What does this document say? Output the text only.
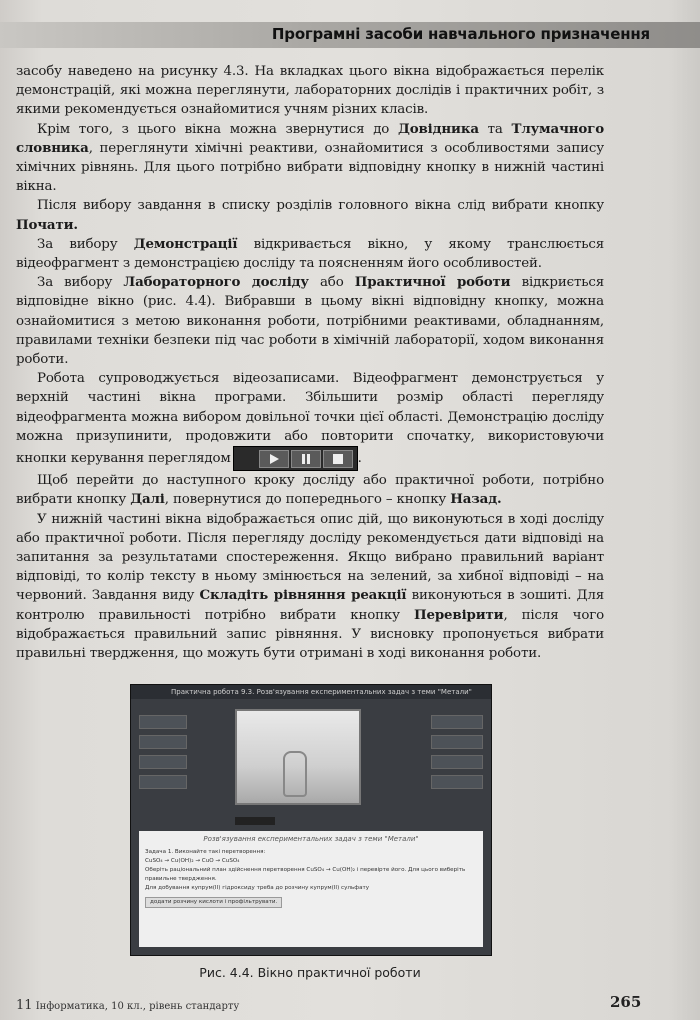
Програмні засоби навчального призначення

засобу наведено на рисунку 4.3. На вкладках цього вікна відображається перелік демонстрацій, які можна переглянути, лабораторних дослідів і практичних робіт, з якими рекомендується ознайомитися учням різних класів.

Крім того, з цього вікна можна звернутися до Довідника та Тлумачного словника, переглянути хімічні реактиви, ознайомитися з особливостями запису хімічних рівнянь. Для цього потрібно вибрати відповідну кнопку в нижній частині вікна.

Після вибору завдання в списку розділів головного вікна слід вибрати кнопку Почати.

За вибору Демонстрації відкривається вікно, у якому транслюється відеофрагмент з демонстрацією досліду та поясненням його особливостей.

За вибору Лабораторного досліду або Практичної роботи відкриється відповідне вікно (рис. 4.4). Вибравши в цьому вікні відповідну кнопку, можна ознайомитися з метою виконання роботи, потрібними реактивами, обладнанням, правилами техніки безпеки під час роботи в хімічній лабораторії, ходом виконання роботи.

Робота супроводжується відеозаписами. Відеофрагмент демонструється у верхній частині вікна програми. Збільшити розмір області перегляду відеофрагмента можна вибором довільної точки цієї області. Демонстрацію досліду можна призупинити, продовжити або повторити спочатку, використовуючи кнопки керування переглядом	.

Щоб перейти до наступного кроку досліду або практичної роботи, потрібно вибрати кнопку Далі, повернутися до попереднього – кнопку Назад.

У нижній частині вікна відображається опис дій, що виконуються в ході досліду або практичної роботи. Після перегляду досліду рекомендується дати відповіді на запитання за результатами спостереження. Якщо вибрано правильний варіант відповіді, то колір тексту в ньому змінюється на зелений, за хибної відповіді – на червоний. Завдання виду Складіть рівняння реакції виконуються в зошиті. Для контролю правильності потрібно вибрати кнопку Перевірити, після чого відображається правильний запис рівняння. У висновку пропонується вибрати правильні твердження, що можуть бути отримані в ході виконання роботи.

Практична робота 9.3. Розв'язування експериментальних задач з теми "Метали"
Розв'язування експериментальних задач з теми "Метали"
Задача 1. Виконайте такі перетворення:
CuSO₄ → Cu(OH)₂ → CuO → CuSO₄
Оберіть раціональний план здійснення перетворення CuSO₄ → Cu(OH)₂ і перевірте його. Для цього виберіть правильне твердження.
Для добування купрум(ІІ) гідроксиду треба до розчину купрум(ІІ) сульфату
додати розчину кислоти і профільтрувати.
Рис. 4.4. Вікно практичної роботи
11 Інформатика, 10 кл., рівень стандарту	265
